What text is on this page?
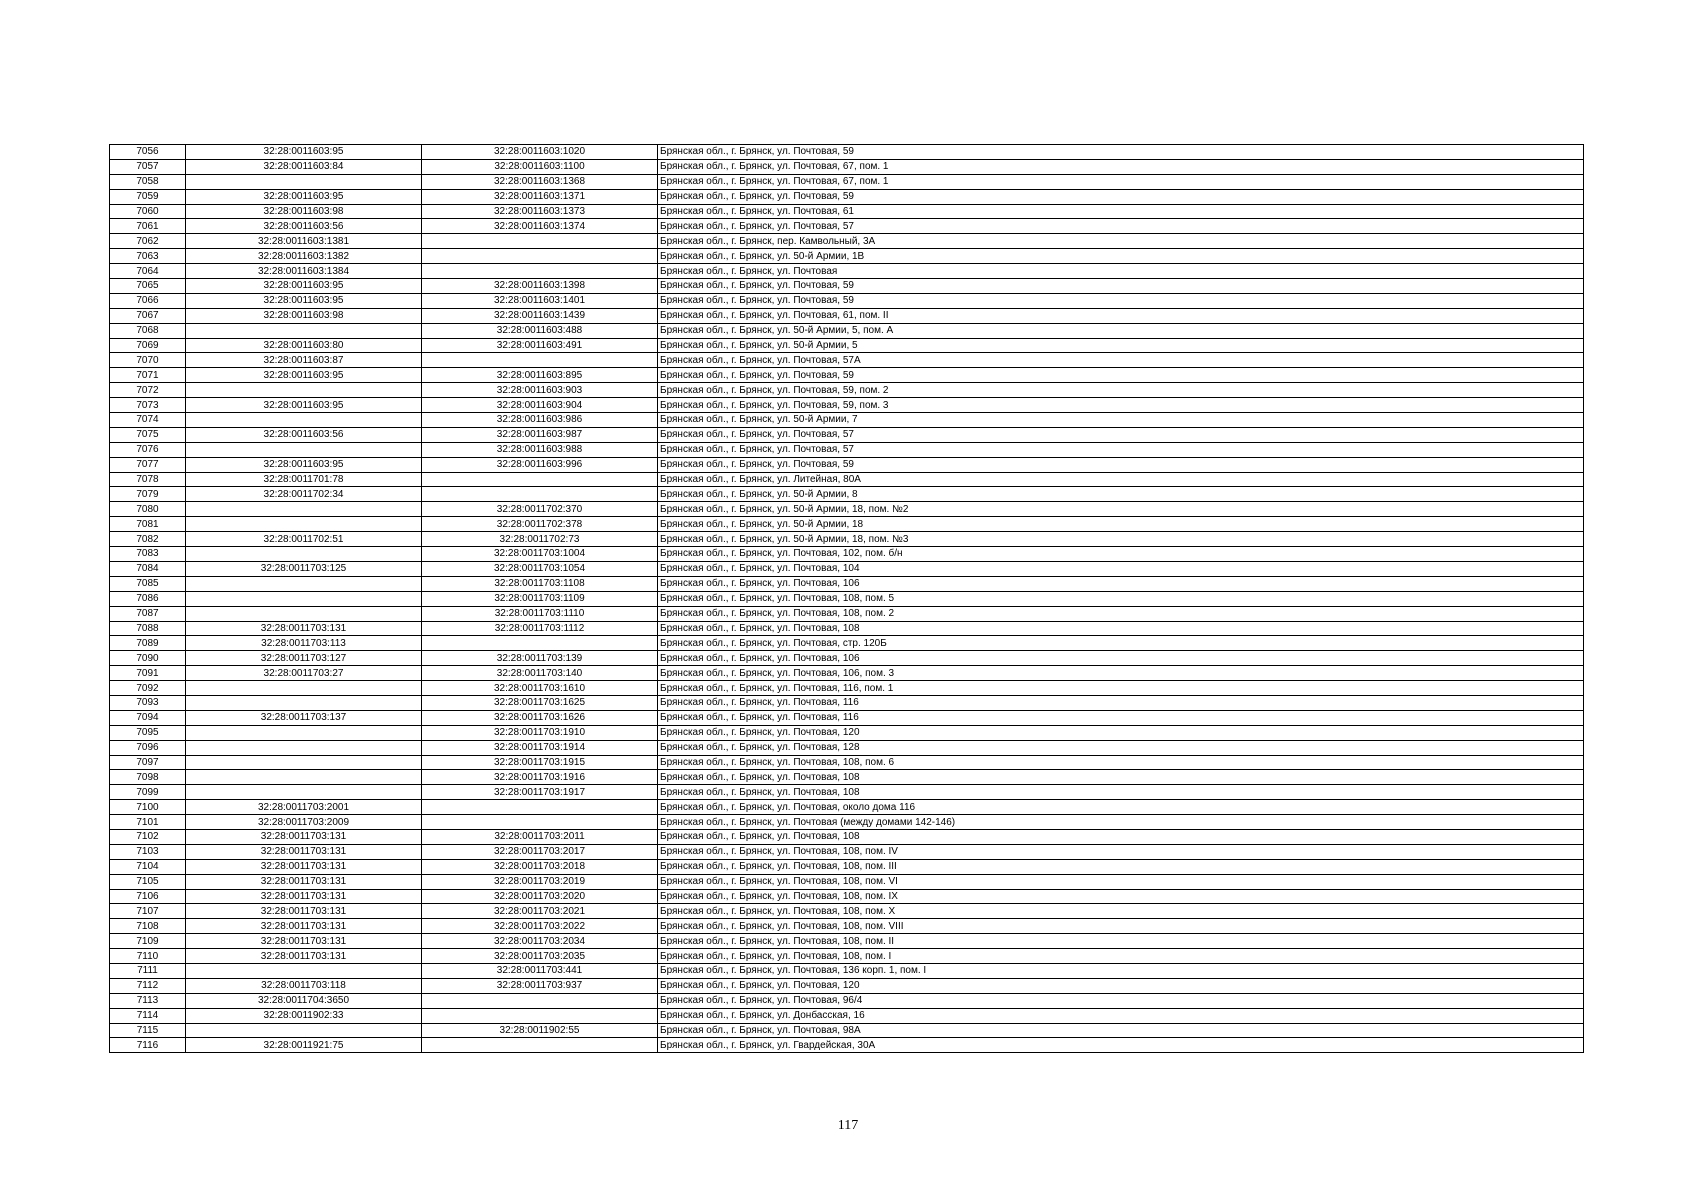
7056	32:28:0011603:95	32:28:0011603:1020	Брянская обл., г. Брянск, ул. Почтовая, 59
7057	32:28:0011603:84	32:28:0011603:1100	Брянская обл., г. Брянск, ул. Почтовая, 67, пом. 1
7058		32:28:0011603:1368	Брянская обл., г. Брянск, ул. Почтовая, 67, пом. 1
7059	32:28:0011603:95	32:28:0011603:1371	Брянская обл., г. Брянск, ул. Почтовая, 59
7060	32:28:0011603:98	32:28:0011603:1373	Брянская обл., г. Брянск, ул. Почтовая, 61
7061	32:28:0011603:56	32:28:0011603:1374	Брянская обл., г. Брянск, ул. Почтовая, 57
7062	32:28:0011603:1381		Брянская обл., г. Брянск, пер. Камвольный, 3А
7063	32:28:0011603:1382		Брянская обл., г. Брянск, ул. 50-й Армии, 1В
7064	32:28:0011603:1384		Брянская обл., г. Брянск, ул. Почтовая
7065	32:28:0011603:95	32:28:0011603:1398	Брянская обл., г. Брянск, ул. Почтовая, 59
7066	32:28:0011603:95	32:28:0011603:1401	Брянская обл., г. Брянск, ул. Почтовая, 59
7067	32:28:0011603:98	32:28:0011603:1439	Брянская обл., г. Брянск, ул. Почтовая, 61, пом. II
7068		32:28:0011603:488	Брянская обл., г. Брянск, ул. 50-й Армии, 5, пом. А
7069	32:28:0011603:80	32:28:0011603:491	Брянская обл., г. Брянск, ул. 50-й Армии, 5
7070	32:28:0011603:87		Брянская обл., г. Брянск, ул. Почтовая, 57А
7071	32:28:0011603:95	32:28:0011603:895	Брянская обл., г. Брянск, ул. Почтовая, 59
7072		32:28:0011603:903	Брянская обл., г. Брянск, ул. Почтовая, 59, пом. 2
7073	32:28:0011603:95	32:28:0011603:904	Брянская обл., г. Брянск, ул. Почтовая, 59, пом. 3
7074		32:28:0011603:986	Брянская обл., г. Брянск, ул. 50-й Армии, 7
7075	32:28:0011603:56	32:28:0011603:987	Брянская обл., г. Брянск, ул. Почтовая, 57
7076		32:28:0011603:988	Брянская обл., г. Брянск, ул. Почтовая, 57
7077	32:28:0011603:95	32:28:0011603:996	Брянская обл., г. Брянск, ул. Почтовая, 59
7078	32:28:0011701:78		Брянская обл., г. Брянск, ул. Литейная, 80А
7079	32:28:0011702:34		Брянская обл., г. Брянск, ул. 50-й Армии, 8
7080		32:28:0011702:370	Брянская обл., г. Брянск, ул. 50-й Армии, 18, пом. №2
7081		32:28:0011702:378	Брянская обл., г. Брянск, ул. 50-й Армии, 18
7082	32:28:0011702:51	32:28:0011702:73	Брянская обл., г. Брянск, ул. 50-й Армии, 18, пом. №3
7083		32:28:0011703:1004	Брянская обл., г. Брянск, ул. Почтовая, 102, пом. б/н
7084	32:28:0011703:125	32:28:0011703:1054	Брянская обл., г. Брянск, ул. Почтовая, 104
7085		32:28:0011703:1108	Брянская обл., г. Брянск, ул. Почтовая, 106
7086		32:28:0011703:1109	Брянская обл., г. Брянск, ул. Почтовая, 108, пом. 5
7087		32:28:0011703:1110	Брянская обл., г. Брянск, ул. Почтовая, 108, пом. 2
7088	32:28:0011703:131	32:28:0011703:1112	Брянская обл., г. Брянск, ул. Почтовая, 108
7089	32:28:0011703:113		Брянская обл., г. Брянск, ул. Почтовая, стр. 120Б
7090	32:28:0011703:127	32:28:0011703:139	Брянская обл., г. Брянск, ул. Почтовая, 106
7091	32:28:0011703:27	32:28:0011703:140	Брянская обл., г. Брянск, ул. Почтовая, 106, пом. 3
7092		32:28:0011703:1610	Брянская обл., г. Брянск, ул. Почтовая, 116, пом. 1
7093		32:28:0011703:1625	Брянская обл., г. Брянск, ул. Почтовая, 116
7094	32:28:0011703:137	32:28:0011703:1626	Брянская обл., г. Брянск, ул. Почтовая, 116
7095		32:28:0011703:1910	Брянская обл., г. Брянск, ул. Почтовая, 120
7096		32:28:0011703:1914	Брянская обл., г. Брянск, ул. Почтовая, 128
7097		32:28:0011703:1915	Брянская обл., г. Брянск, ул. Почтовая, 108, пом. 6
7098		32:28:0011703:1916	Брянская обл., г. Брянск, ул. Почтовая, 108
7099		32:28:0011703:1917	Брянская обл., г. Брянск, ул. Почтовая, 108
7100	32:28:0011703:2001		Брянская обл., г. Брянск, ул. Почтовая, около дома 116
7101	32:28:0011703:2009		Брянская обл., г. Брянск, ул. Почтовая (между домами 142-146)
7102	32:28:0011703:131	32:28:0011703:2011	Брянская обл., г. Брянск, ул. Почтовая, 108
7103	32:28:0011703:131	32:28:0011703:2017	Брянская обл., г. Брянск, ул. Почтовая, 108, пом. IV
7104	32:28:0011703:131	32:28:0011703:2018	Брянская обл., г. Брянск, ул. Почтовая, 108, пом. III
7105	32:28:0011703:131	32:28:0011703:2019	Брянская обл., г. Брянск, ул. Почтовая, 108, пом. VI
7106	32:28:0011703:131	32:28:0011703:2020	Брянская обл., г. Брянск, ул. Почтовая, 108, пом. IX
7107	32:28:0011703:131	32:28:0011703:2021	Брянская обл., г. Брянск, ул. Почтовая, 108, пом. X
7108	32:28:0011703:131	32:28:0011703:2022	Брянская обл., г. Брянск, ул. Почтовая, 108, пом. VIII
7109	32:28:0011703:131	32:28:0011703:2034	Брянская обл., г. Брянск, ул. Почтовая, 108, пом. II
7110	32:28:0011703:131	32:28:0011703:2035	Брянская обл., г. Брянск, ул. Почтовая, 108, пом. I
7111		32:28:0011703:441	Брянская обл., г. Брянск, ул. Почтовая, 136 корп. 1, пом. I
7112	32:28:0011703:118	32:28:0011703:937	Брянская обл., г. Брянск, ул. Почтовая, 120
7113	32:28:0011704:3650		Брянская обл., г. Брянск, ул. Почтовая, 96/4
7114	32:28:0011902:33		Брянская обл., г. Брянск, ул. Донбасская, 16
7115		32:28:0011902:55	Брянская обл., г. Брянск, ул. Почтовая, 98А
7116	32:28:0011921:75		Брянская обл., г. Брянск, ул. Гвардейская, 30А
117
